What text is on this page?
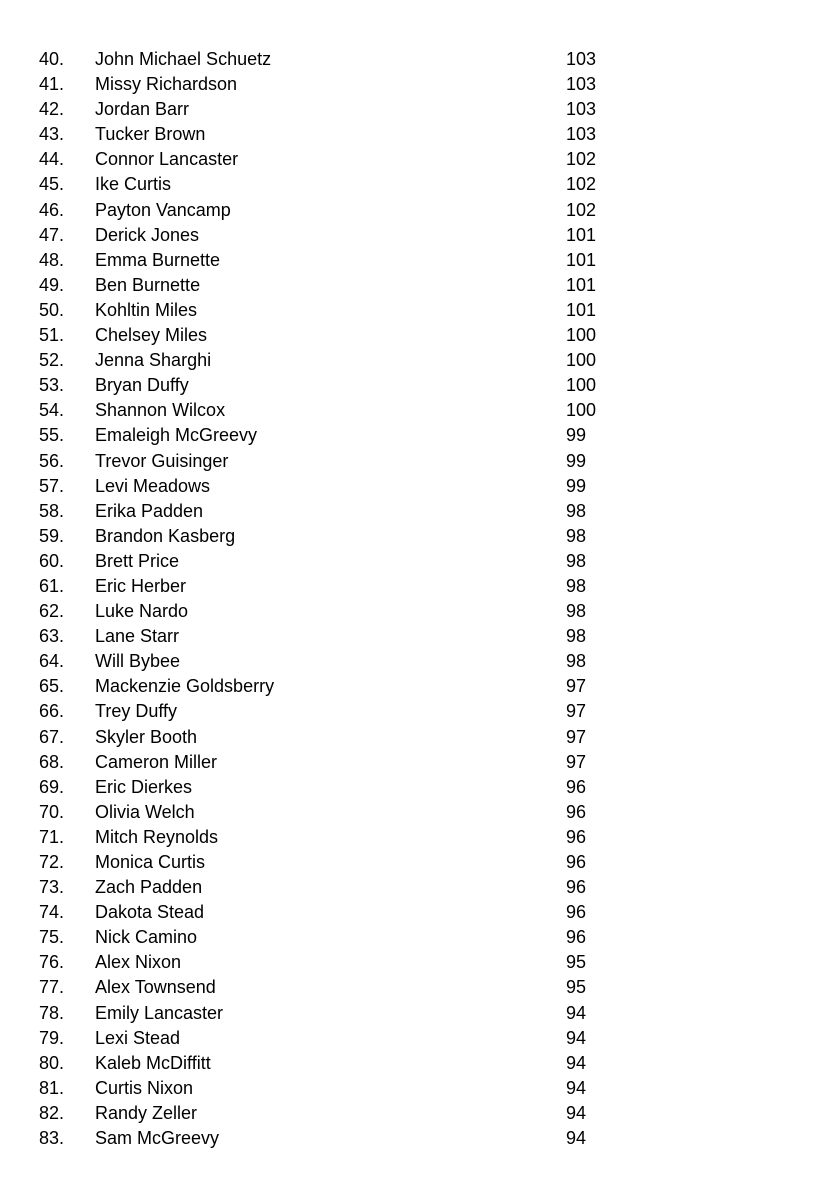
40. John Michael Schuetz	103
41. Missy Richardson	103
42. Jordan Barr	103
43. Tucker Brown	103
44. Connor Lancaster	102
45. Ike Curtis	102
46. Payton Vancamp	102
47. Derick Jones	101
48. Emma Burnette	101
49. Ben Burnette	101
50. Kohltin Miles	101
51. Chelsey Miles	100
52. Jenna Sharghi	100
53. Bryan Duffy	100
54. Shannon Wilcox	100
55. Emaleigh McGreevy	99
56. Trevor Guisinger	99
57. Levi Meadows	99
58. Erika Padden	98
59. Brandon Kasberg	98
60. Brett Price	98
61. Eric Herber	98
62. Luke Nardo	98
63. Lane Starr	98
64. Will Bybee	98
65. Mackenzie Goldsberry	97
66. Trey Duffy	97
67. Skyler Booth	97
68. Cameron Miller	97
69. Eric Dierkes	96
70. Olivia Welch	96
71. Mitch Reynolds	96
72. Monica Curtis	96
73. Zach Padden	96
74. Dakota Stead	96
75. Nick Camino	96
76. Alex Nixon	95
77. Alex Townsend	95
78. Emily Lancaster	94
79. Lexi Stead	94
80. Kaleb McDiffitt	94
81. Curtis Nixon	94
82. Randy Zeller	94
83. Sam McGreevy	94
